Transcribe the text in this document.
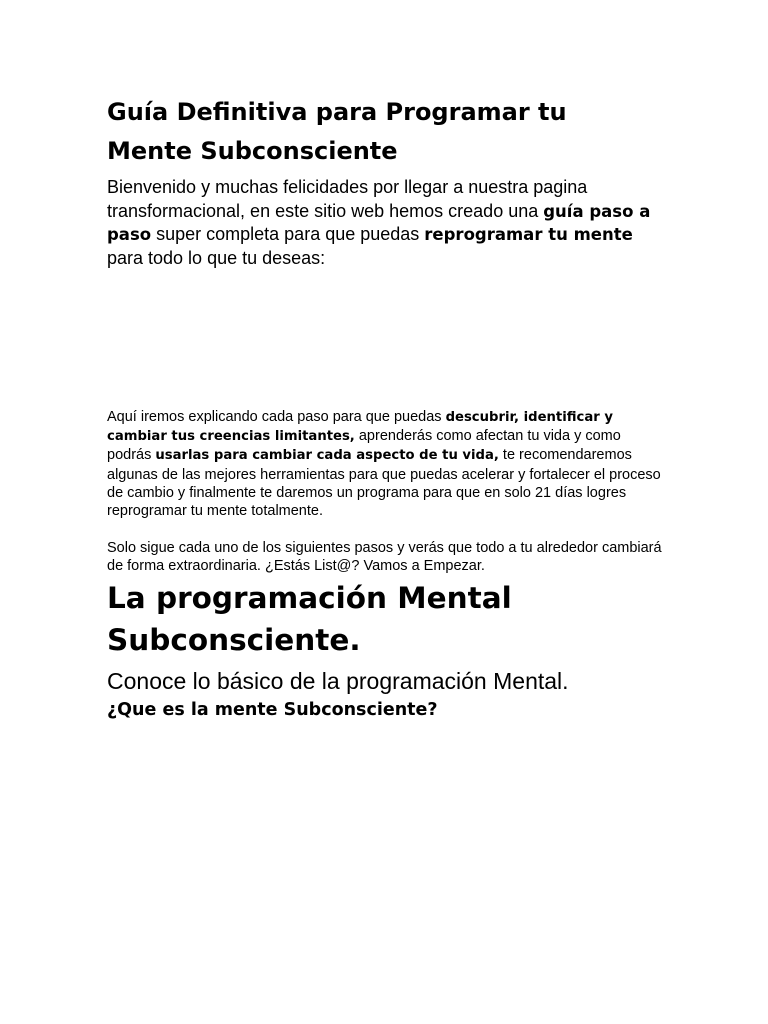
Guía Definitiva para Programar tu
Mente Subconsciente

Bienvenido y muchas felicidades por llegar a nuestra pagina transformacional, en este sitio web hemos creado una guía paso a paso super completa para que puedas reprogramar tu mente para todo lo que tu deseas:

Aquí iremos explicando cada paso para que puedas descubrir, identificar y cambiar tus creencias limitantes, aprenderás como afectan tu vida y como podrás usarlas para cambiar cada aspecto de tu vida, te recomendaremos algunas de las mejores herramientas para que puedas acelerar y fortalecer el proceso de cambio y finalmente te daremos un programa para que en solo 21 días logres reprogramar tu mente totalmente.

Solo sigue cada uno de los siguientes pasos y verás que todo a tu alrededor cambiará de forma extraordinaria. ¿Estás List@? Vamos a Empezar.

La programación Mental
Subconsciente.

Conoce lo básico de la programación Mental.

¿Que es la mente Subconsciente?
